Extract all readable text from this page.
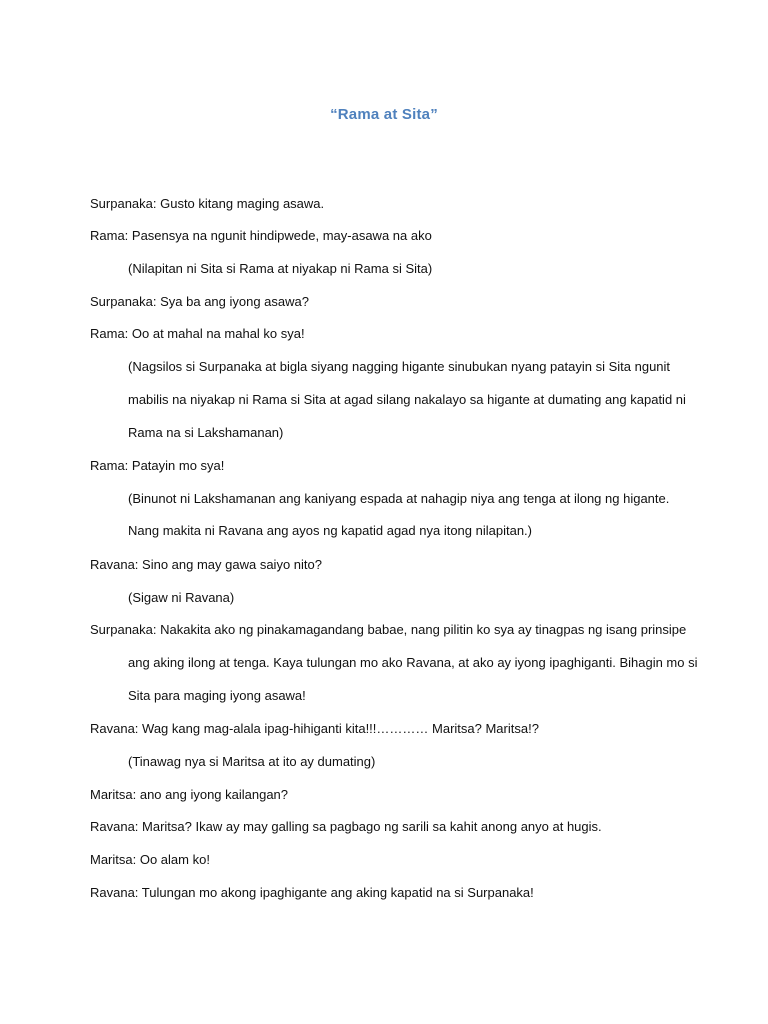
“Rama at Sita”
Surpanaka: Gusto kitang maging asawa.
Rama: Pasensya na ngunit hindipwede, may-asawa na ako
(Nilapitan ni Sita si Rama at niyakap ni Rama si Sita)
Surpanaka: Sya ba ang iyong asawa?
Rama: Oo at mahal na mahal ko sya!
(Nagsilos si Surpanaka at bigla siyang nagging higante sinubukan nyang patayin si Sita ngunit
mabilis na niyakap ni Rama si Sita at agad silang nakalayo sa higante at dumating ang kapatid ni
Rama na si Lakshamanan)
Rama: Patayin mo sya!
(Binunot ni Lakshamanan ang kaniyang espada at nahagip niya ang tenga at ilong ng higante.
Nang makita ni Ravana ang ayos ng kapatid agad nya itong nilapitan.)
Ravana: Sino ang may gawa saiyo nito?
(Sigaw ni Ravana)
Surpanaka: Nakakita ako ng pinakamagandang babae, nang pilitin ko sya ay tinagpas ng isang prinsipe
ang aking ilong at tenga. Kaya tulungan mo ako Ravana, at ako ay iyong ipaghiganti. Bihagin mo si
Sita para maging iyong asawa!
Ravana: Wag kang mag-alala ipag-hihiganti kita!!!………… Maritsa? Maritsa!?
(Tinawag nya si Maritsa at ito ay dumating)
Maritsa: ano ang iyong kailangan?
Ravana: Maritsa? Ikaw ay may galling sa pagbago ng sarili sa kahit anong anyo at hugis.
Maritsa: Oo alam ko!
Ravana: Tulungan mo akong ipaghigante ang aking kapatid na si Surpanaka!
